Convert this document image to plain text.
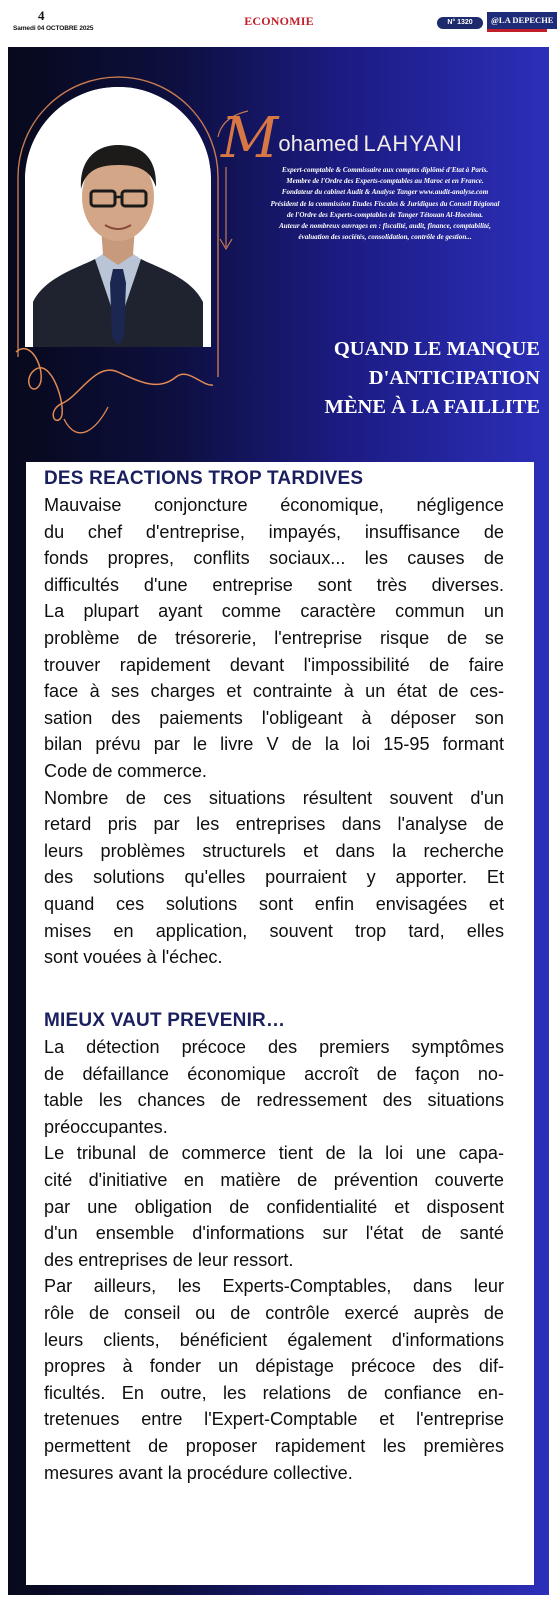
4
Samedi 04 OCTOBRE 2025
ECONOMIE	N° 1320	@LA DEPECHE
Mohamed LAHYANI
Expert-comptable & Commissaire aux comptes diplômé d'Etat à Paris.
Membre de l'Ordre des Experts-comptables au Maroc et en France.
Fondateur du cabinet Audit & Analyse Tanger www.audit-analyse.com
Président de la commission Etudes Fiscales & Juridiques du Conseil Régional
de l'Ordre des Experts-comptables de Tanger Tétouan Al-Hoceima.
Auteur de nombreux ouvrages en : fiscalité, audit, finance, comptabilité,
évaluation des sociétés, consolidation, contrôle de gestion...
QUAND LE MANQUE
D'ANTICIPATION
MÈNE À LA FAILLITE
DES REACTIONS TROP TARDIVES
Mauvaise conjoncture économique, négligence
du chef d'entreprise, impayés, insuffisance de
fonds propres, conflits sociaux... les causes de
difficultés d'une entreprise sont très diverses.
La plupart ayant comme caractère commun un
problème de trésorerie, l'entreprise risque de se
trouver rapidement devant l'impossibilité de faire
face à ses charges et contrainte à un état de ces-
sation des paiements l'obligeant à déposer son
bilan prévu par le livre V de la loi 15-95 formant
Code de commerce.
Nombre de ces situations résultent souvent d'un
retard pris par les entreprises dans l'analyse de
leurs problèmes structurels et dans la recherche
des solutions qu'elles pourraient y apporter. Et
quand ces solutions sont enfin envisagées et
mises en application, souvent trop tard, elles
sont vouées à l'échec.
MIEUX VAUT PREVENIR…
La détection précoce des premiers symptômes
de défaillance économique accroît de façon no-
table les chances de redressement des situations
préoccupantes.
Le tribunal de commerce tient de la loi une capa-
cité d'initiative en matière de prévention couverte
par une obligation de confidentialité et disposent
d'un ensemble d'informations sur l'état de santé
des entreprises de leur ressort.
Par ailleurs, les Experts-Comptables, dans leur
rôle de conseil ou de contrôle exercé auprès de
leurs clients, bénéficient également d'informations
propres à fonder un dépistage précoce des dif-
ficultés. En outre, les relations de confiance en-
tretenues entre l'Expert-Comptable et l'entreprise
permettent de proposer rapidement les premières
mesures avant la procédure collective.
